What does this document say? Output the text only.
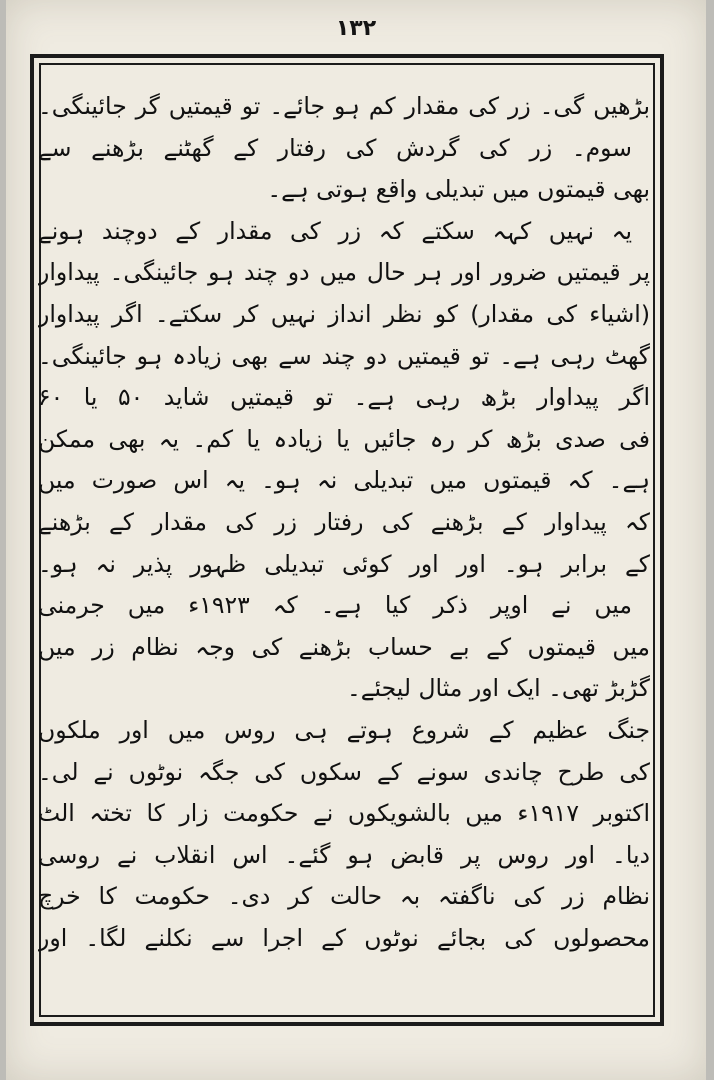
۱۳۲
بڑھیں گی۔ زر کی مقدار کم ہو جائے۔ تو قیمتیں گر جائینگی۔
سوم۔ زر کی گردش کی رفتار کے گھٹنے بڑھنے سے
بھی قیمتوں میں تبدیلی واقع ہوتی ہے۔
یہ نہیں کہہ سکتے کہ زر کی مقدار کے دوچند ہونے
پر قیمتیں ضرور اور ہر حال میں دو چند ہو جائینگی۔ پیداوار
(اشیاء کی مقدار) کو نظر انداز نہیں کر سکتے۔ اگر پیداوار
گھٹ رہی ہے۔ تو قیمتیں دو چند سے بھی زیادہ ہو جائینگی۔
اگر پیداوار بڑھ رہی ہے۔ تو قیمتیں شاید ۵۰ یا ۶۰
فی صدی بڑھ کر رہ جائیں یا زیادہ یا کم۔ یہ بھی ممکن
ہے۔ کہ قیمتوں میں تبدیلی نہ ہو۔ یہ اس صورت میں
کہ پیداوار کے بڑھنے کی رفتار زر کی مقدار کے بڑھنے
کے برابر ہو۔ اور اور کوئی تبدیلی ظہور پذیر نہ ہو۔
میں نے اوپر ذکر کیا ہے۔ کہ ۱۹۲۳ء میں جرمنی
میں قیمتوں کے بے حساب بڑھنے کی وجہ نظام زر میں
گڑبڑ تھی۔ ایک اور مثال لیجئے۔
جنگ عظیم کے شروع ہوتے ہی روس میں اور ملکوں
کی طرح چاندی سونے کے سکوں کی جگہ نوٹوں نے لی۔
اکتوبر ۱۹۱۷ء میں بالشویکوں نے حکومت زار کا تختہ الٹ
دیا۔ اور روس پر قابض ہو گئے۔ اس انقلاب نے روسی
نظام زر کی ناگفتہ بہ حالت کر دی۔ حکومت کا خرچ
محصولوں کی بجائے نوٹوں کے اجرا سے نکلنے لگا۔ اور
